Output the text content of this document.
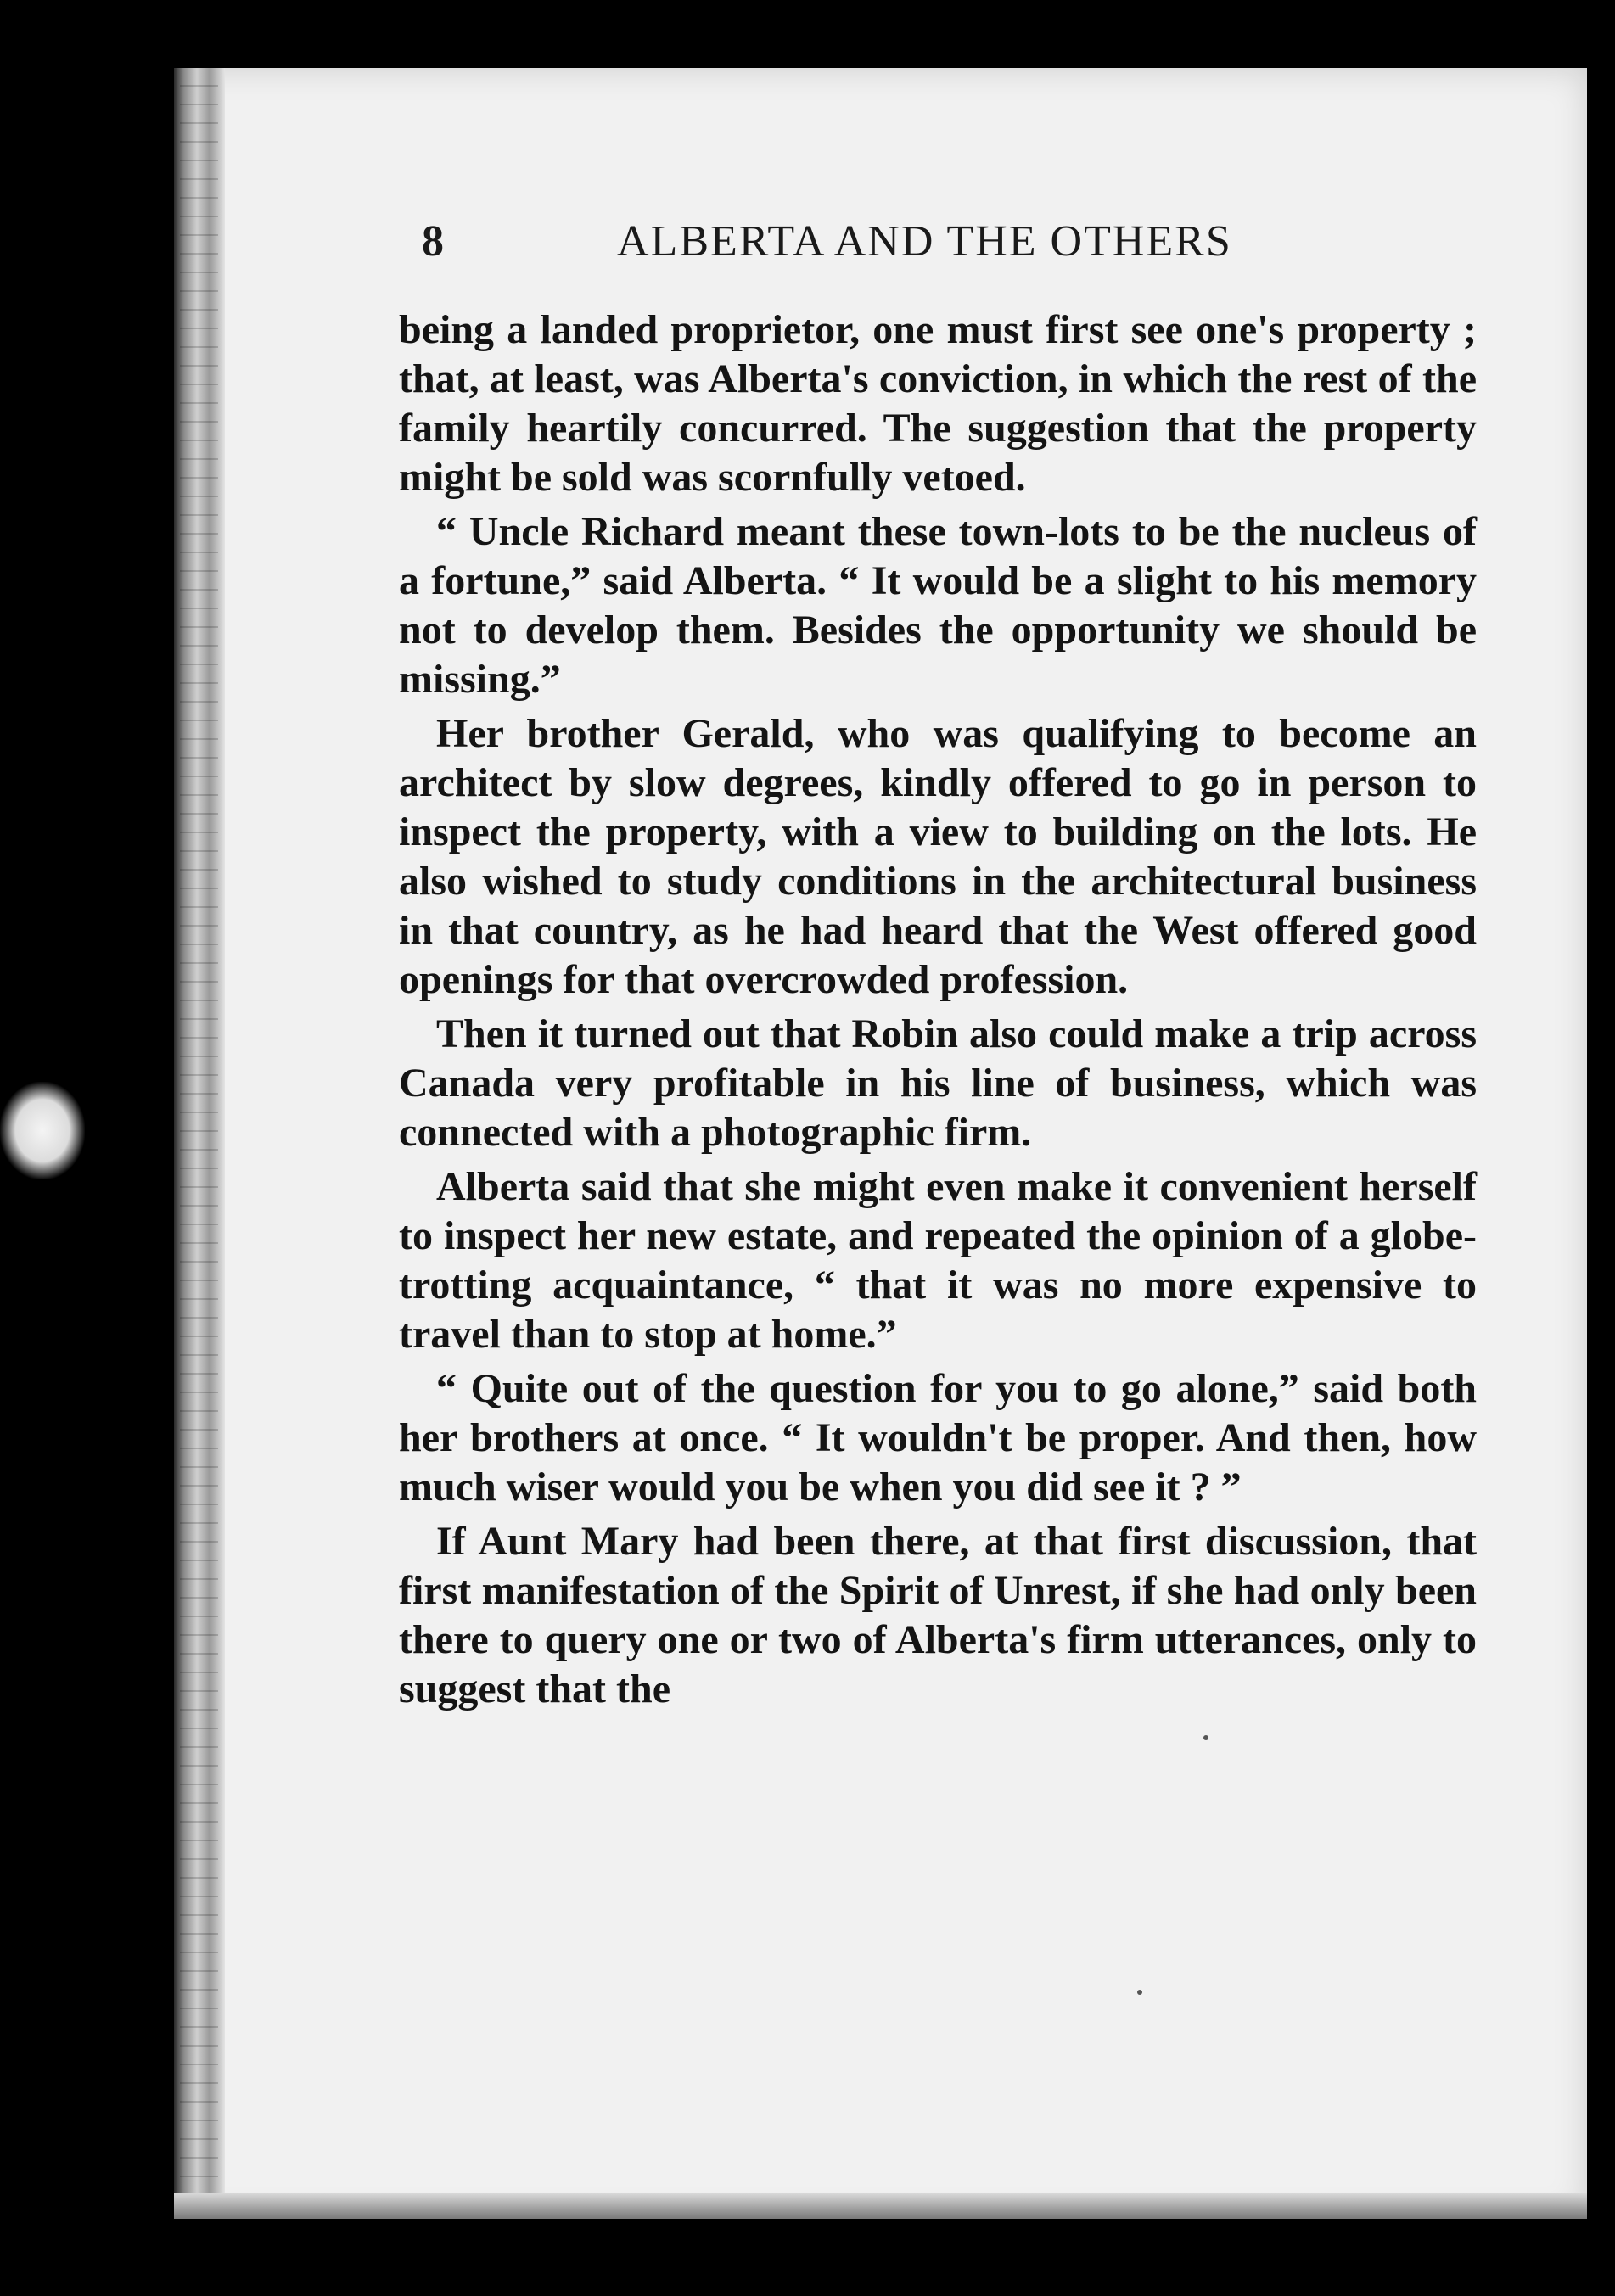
8	ALBERTA AND THE OTHERS

being a landed proprietor, one must first see one's property ; that, at least, was Alberta's conviction, in which the rest of the family heartily concurred. The suggestion that the property might be sold was scornfully vetoed.

“ Uncle Richard meant these town-lots to be the nucleus of a fortune,” said Alberta. “ It would be a slight to his memory not to develop them. Besides the opportunity we should be missing.”

Her brother Gerald, who was qualifying to become an architect by slow degrees, kindly offered to go in person to inspect the property, with a view to building on the lots. He also wished to study conditions in the architectural business in that country, as he had heard that the West offered good openings for that overcrowded profession.

Then it turned out that Robin also could make a trip across Canada very profitable in his line of business, which was connected with a photographic firm.

Alberta said that she might even make it convenient herself to inspect her new estate, and repeated the opinion of a globe-trotting acquaintance, “ that it was no more expensive to travel than to stop at home.”

“ Quite out of the question for you to go alone,” said both her brothers at once. “ It wouldn't be proper. And then, how much wiser would you be when you did see it ? ”

If Aunt Mary had been there, at that first discussion, that first manifestation of the Spirit of Unrest, if she had only been there to query one or two of Alberta's firm utterances, only to suggest that the
